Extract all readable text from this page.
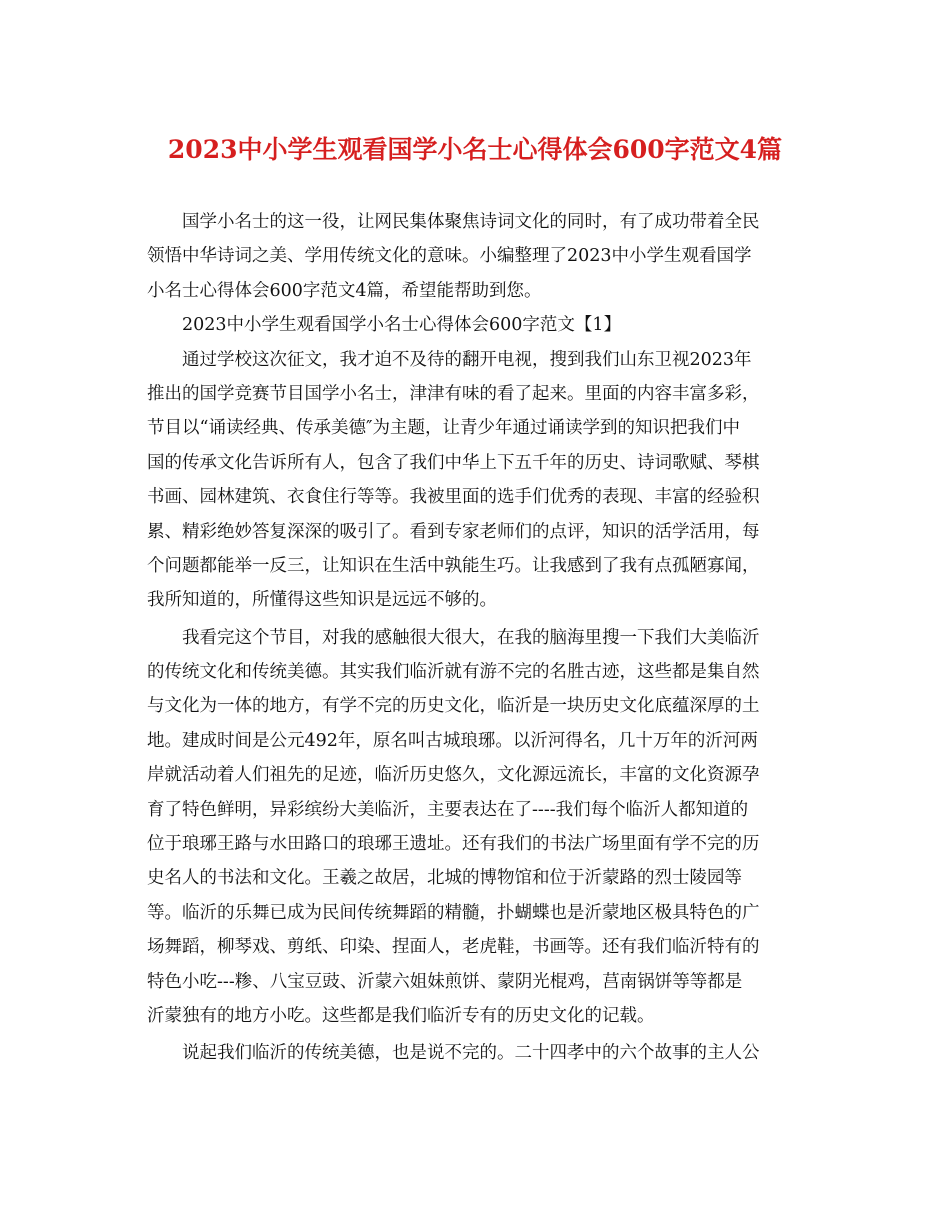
2023中小学生观看国学小名士心得体会600字范文4篇
国学小名士的这一役，让网民集体聚焦诗词文化的同时，有了成功带着全民
领悟中华诗词之美、学用传统文化的意味。小编整理了2023中小学生观看国学
小名士心得体会600字范文4篇，希望能帮助到您。
2023中小学生观看国学小名士心得体会600字范文【1】
通过学校这次征文，我才迫不及待的翻开电视，搜到我们山东卫视2023年
推出的国学竞赛节目国学小名士，津津有味的看了起来。里面的内容丰富多彩，
节目以“诵读经典、传承美德″为主题，让青少年通过诵读学到的知识把我们中
国的传承文化告诉所有人，包含了我们中华上下五千年的历史、诗词歌赋、琴棋
书画、园林建筑、衣食住行等等。我被里面的选手们优秀的表现、丰富的经验积
累、精彩绝妙答复深深的吸引了。看到专家老师们的点评，知识的活学活用，每
个问题都能举一反三，让知识在生活中孰能生巧。让我感到了我有点孤陋寡闻，
我所知道的，所懂得这些知识是远远不够的。
我看完这个节目，对我的感触很大很大，在我的脑海里搜一下我们大美临沂
的传统文化和传统美德。其实我们临沂就有游不完的名胜古迹，这些都是集自然
与文化为一体的地方，有学不完的历史文化，临沂是一块历史文化底蕴深厚的土
地。建成时间是公元492年，原名叫古城琅琊。以沂河得名，几十万年的沂河两
岸就活动着人们祖先的足迹，临沂历史悠久，文化源远流长，丰富的文化资源孕
育了特色鲜明，异彩缤纷大美临沂，主要表达在了----我们每个临沂人都知道的
位于琅琊王路与水田路口的琅琊王遗址。还有我们的书法广场里面有学不完的历
史名人的书法和文化。王羲之故居，北城的博物馆和位于沂蒙路的烈士陵园等
等。临沂的乐舞已成为民间传统舞蹈的精髓，扑蝴蝶也是沂蒙地区极具特色的广
场舞蹈，柳琴戏、剪纸、印染、捏面人，老虎鞋，书画等。还有我们临沂特有的
特色小吃---糁、八宝豆豉、沂蒙六姐妹煎饼、蒙阴光棍鸡，莒南锅饼等等都是
沂蒙独有的地方小吃。这些都是我们临沂专有的历史文化的记载。
说起我们临沂的传统美德，也是说不完的。二十四孝中的六个故事的主人公
